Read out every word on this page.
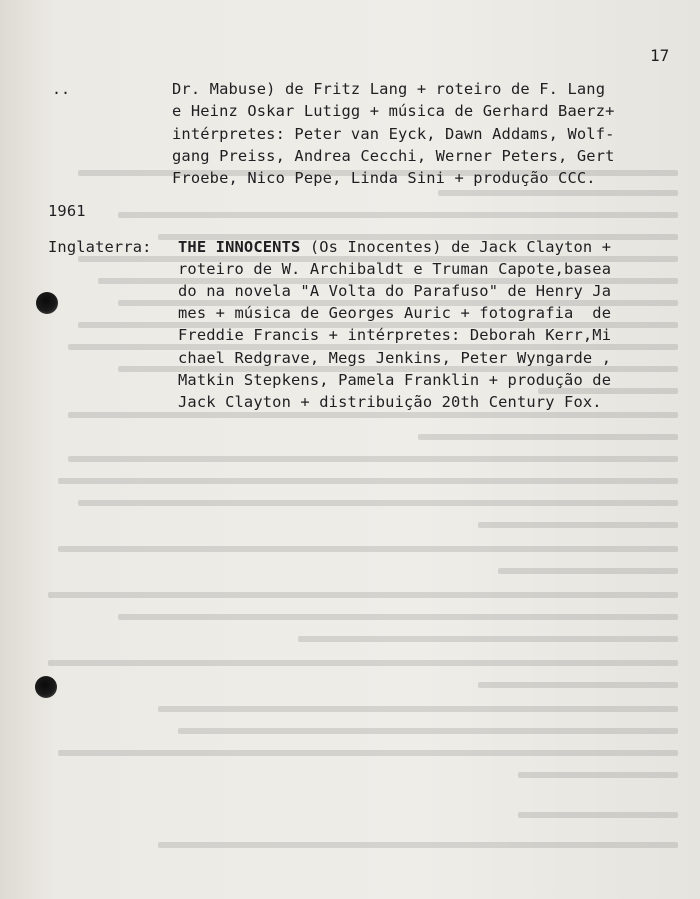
17
..	Dr. Mabuse) de Fritz Lang + roteiro de F. Lang
e Heinz Oskar Lutigg + música de Gerhard Baerz+
intérpretes: Peter van Eyck, Dawn Addams, Wolf-
gang Preiss, Andrea Cecchi, Werner Peters, Gert
Froebe, Nico Pepe, Linda Sini + produção CCC.
1961
Inglaterra: THE INNOCENTS (Os Inocentes) de Jack Clayton +
roteiro de W. Archibaldt e Truman Capote,basea
do na novela "A Volta do Parafuso" de Henry Ja
mes + música de Georges Auric + fotografia  de
Freddie Francis + intérpretes: Deborah Kerr,Mi
chael Redgrave, Megs Jenkins, Peter Wyngarde ,
Matkin Stepkens, Pamela Franklin + produção de
Jack Clayton + distribuição 20th Century Fox.
